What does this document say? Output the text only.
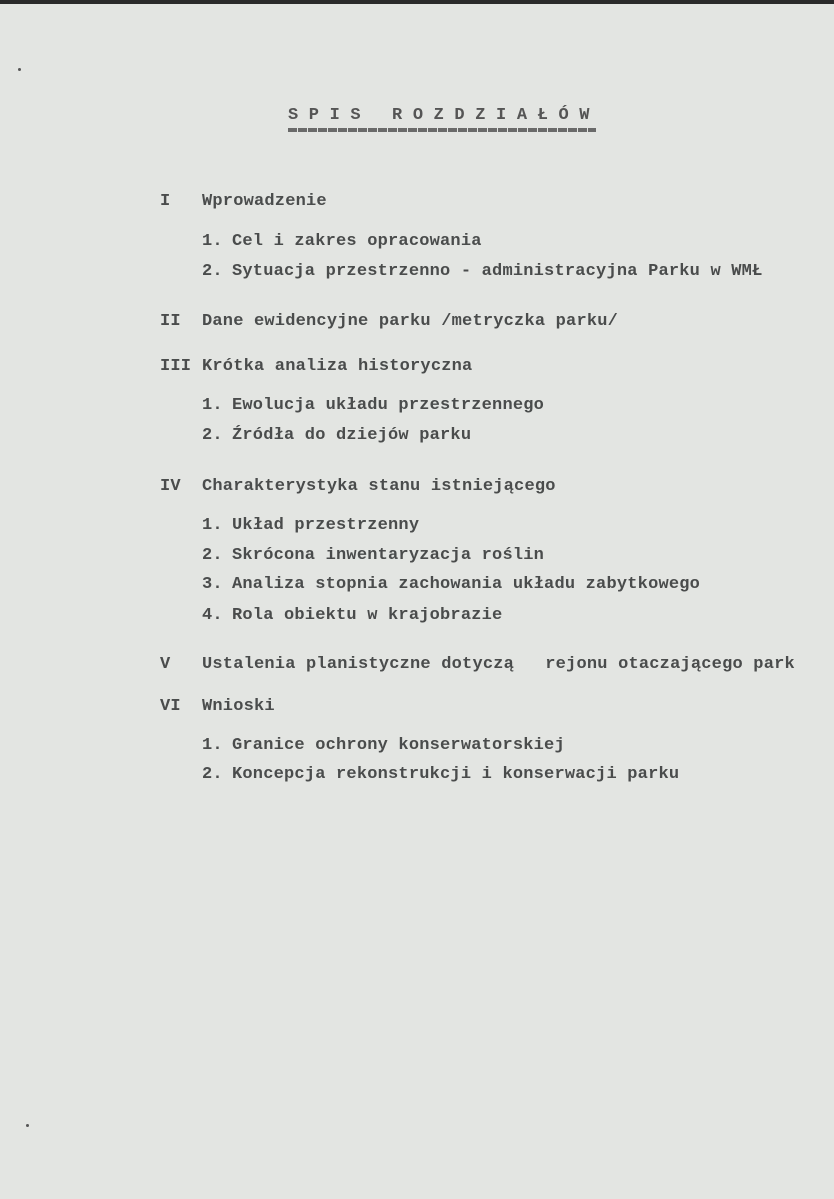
S P I S   R O Z D Z I A Ł Ó W
I Wprowadzenie
1. Cel i zakres opracowania
2. Sytuacja przestrzenno - administracyjna Parku w WMŁ
II Dane ewidencyjne parku /metryczka parku/
III Krótka analiza historyczna
1. Ewolucja układu przestrzennego
2. Źródła do dziejów parku
IV Charakterystyka stanu istniejącego
1. Układ przestrzenny
2. Skrócona inwentaryzacja roślin
3. Analiza stopnia zachowania układu zabytkowego
4. Rola obiektu w krajobrazie
V Ustalenia planistyczne dotyczą   rejonu otaczającego park
VI Wnioski
1. Granice ochrony konserwatorskiej
2. Koncepcja rekonstrukcji i konserwacji parku
